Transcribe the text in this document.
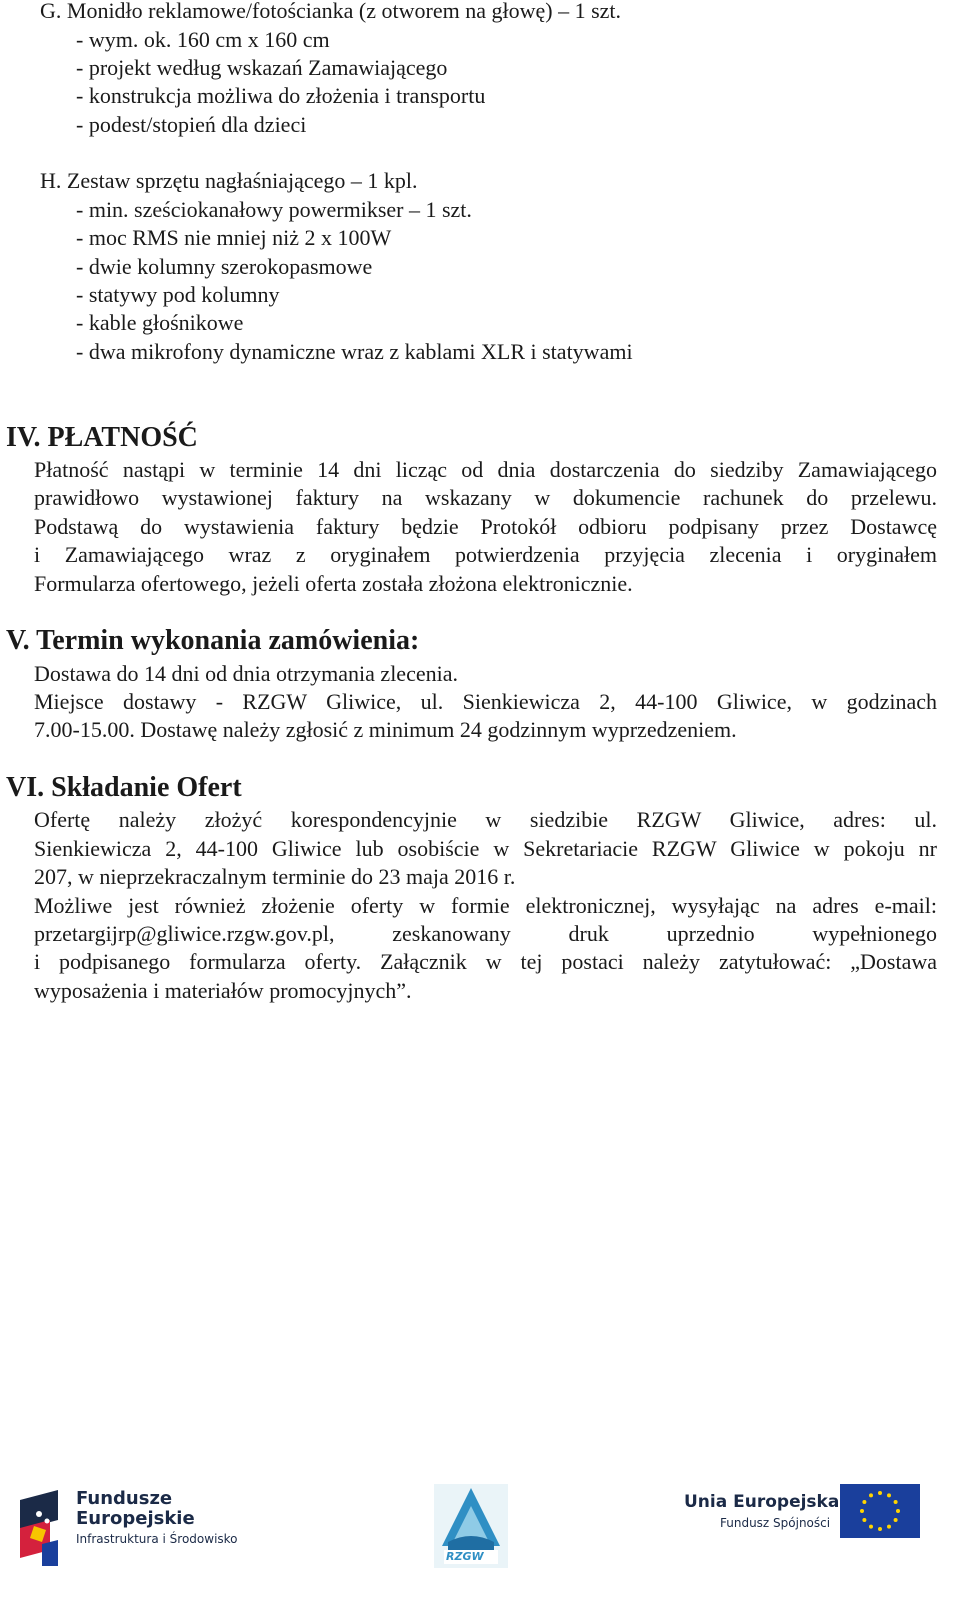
G. Monidło reklamowe/fotościanka (z otworem na głowę) – 1 szt.
- wym. ok. 160 cm x 160 cm
- projekt według wskazań Zamawiającego
- konstrukcja możliwa do złożenia i transportu
- podest/stopień dla dzieci
H. Zestaw sprzętu nagłaśniającego – 1 kpl.
- min. sześciokanałowy powermikser – 1 szt.
- moc RMS nie mniej niż 2 x 100W
- dwie kolumny szerokopasmowe
- statywy pod kolumny
- kable głośnikowe
- dwa mikrofony dynamiczne wraz z kablami XLR i statywami
IV. PŁATNOŚĆ
Płatność nastąpi w terminie 14 dni licząc od dnia dostarczenia do siedziby Zamawiającego
prawidłowo wystawionej faktury na wskazany w dokumencie rachunek do przelewu.
Podstawą do wystawienia faktury będzie Protokół odbioru podpisany przez Dostawcę
i Zamawiającego wraz z oryginałem potwierdzenia przyjęcia zlecenia i oryginałem
Formularza ofertowego, jeżeli oferta została złożona elektronicznie.
V. Termin wykonania zamówienia:
Dostawa do 14 dni od dnia otrzymania zlecenia.
Miejsce dostawy - RZGW Gliwice, ul. Sienkiewicza 2, 44-100 Gliwice, w godzinach
7.00-15.00. Dostawę należy zgłosić z minimum 24 godzinnym wyprzedzeniem.
VI. Składanie Ofert
Ofertę należy złożyć korespondencyjnie w siedzibie RZGW Gliwice, adres: ul.
Sienkiewicza 2, 44-100 Gliwice lub osobiście w Sekretariacie RZGW Gliwice w pokoju nr
207, w nieprzekraczalnym terminie do 23 maja 2016 r.
Możliwe jest również złożenie oferty w formie elektronicznej, wysyłając na adres e-mail:
przetargijrp@gliwice.rzgw.gov.pl, zeskanowany druk uprzednio wypełnionego
i podpisanego formularza oferty. Załącznik w tej postaci należy zatytułować: „Dostawa
wyposażenia i materiałów promocyjnych”.
Fundusze
Europejskie
Infrastruktura i Środowisko
RZGW
Unia Europejska
Fundusz Spójności
